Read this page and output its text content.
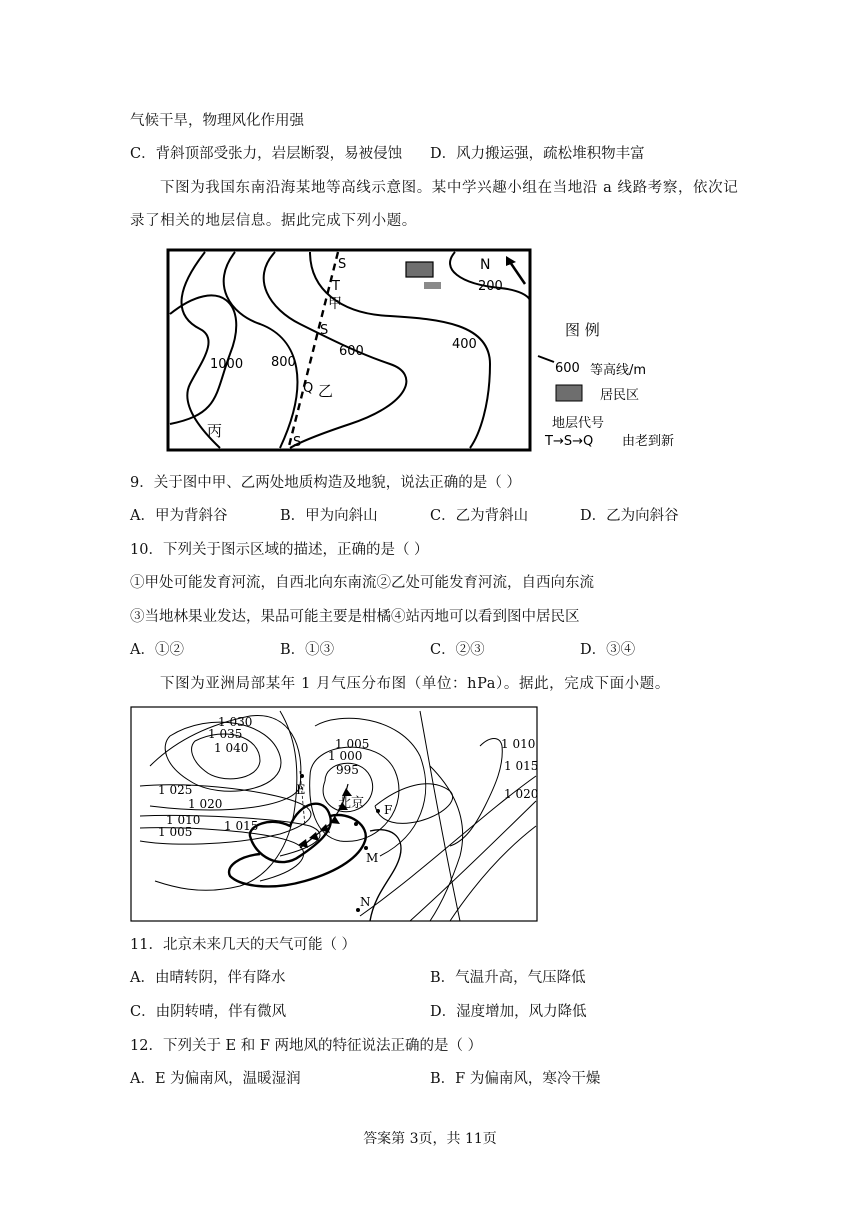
气候干旱，物理风化作用强
C．背斜顶部受张力，岩层断裂，易被侵蚀 D．风力搬运强，疏松堆积物丰富
下图为我国东南沿海某地等高线示意图。某中学兴趣小组在当地沿 a 线路考察，依次记
录了相关的地层信息。据此完成下列小题。
N
S
T
甲
S
Q 乙
丙
S
1000 800
600	400
200
图 例
600 等高线/m
居民区
地层代号
T→S→Q 由老到新
9．关于图中甲、乙两处地质构造及地貌，说法正确的是（ ）
A．甲为背斜谷	B．甲为向斜山	C．乙为背斜山	D．乙为向斜谷
10．下列关于图示区域的描述，正确的是（ ）
①甲处可能发育河流，自西北向东南流②乙处可能发育河流，自西向东流
③当地林果业发达，果品可能主要是柑橘④站丙地可以看到图中居民区
A．①②	B．①③	C．②③	D．③④
下图为亚洲局部某年 1 月气压分布图（单位：hPa）。据此，完成下面小题。
1 030
1 035
1 040
1 025
1 020
1 010
1 005	1 015
1 005
1 000
995
1 010
1 015
1 020
E
F
北京
M
N
11．北京未来几天的天气可能（ ）
A．由晴转阴，伴有降水	B．气温升高，气压降低
C．由阴转晴，伴有微风	D．湿度增加，风力降低
12．下列关于 E 和 F 两地风的特征说法正确的是（ ）
A．E 为偏南风，温暖湿润	B．F 为偏南风，寒冷干燥
答案第 3页，共 11页
